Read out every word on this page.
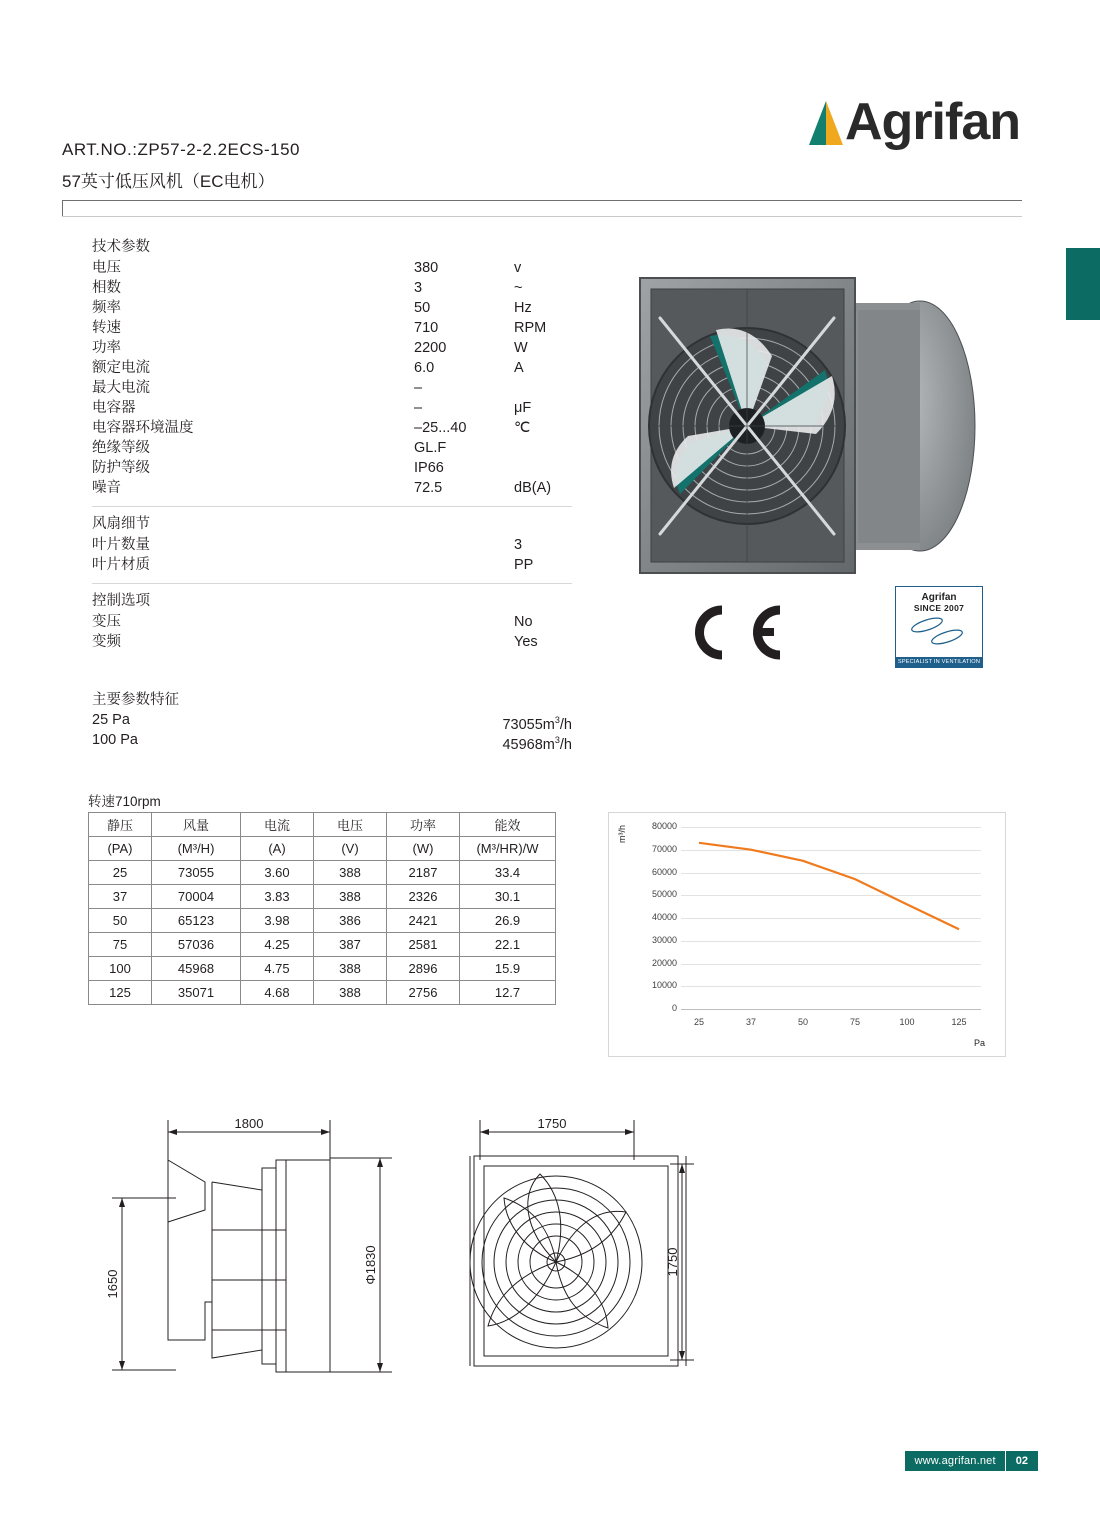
Agrifan
ART.NO.:ZP57-2-2.2ECS-150
57英寸低压风机（EC电机）
技术参数
电压	380	v
相数	3	~
频率	50	Hz
转速	710	RPM
功率	2200	W
额定电流	6.0	A
最大电流	–
电容器	–	μF
电容器环境温度	–25...40	℃
绝缘等级	GL.F
防护等级	IP66
噪音	72.5	dB(A)
风扇细节
叶片数量	3
叶片材质	PP
控制选项
变压	No
变频	Yes
主要参数特征
25 Pa	$73055m^3/h$
100 Pa	$45968m^3/h$
Agrifan
SINCE 2007
SPECIALIST IN VENTILATION
转速710rpm
静压	风量	电流	电压	功率	能效
(PA)	(M³/H)	(A)	(V)	(W)	(M³/HR)/W
25	73055	3.60	388	2187	33.4
37	70004	3.83	388	2326	30.1
50	65123	3.98	386	2421	26.9
75	57036	4.25	387	2581	22.1
100	45968	4.75	388	2896	15.9
125	35071	4.68	388	2756	12.7
m³/h	80000
70000
60000
50000
40000
30000
20000
10000
0
25	37	50	75	100	125
Pa
1800	1750
1650	Φ1830	1750
www.agrifan.net	02
